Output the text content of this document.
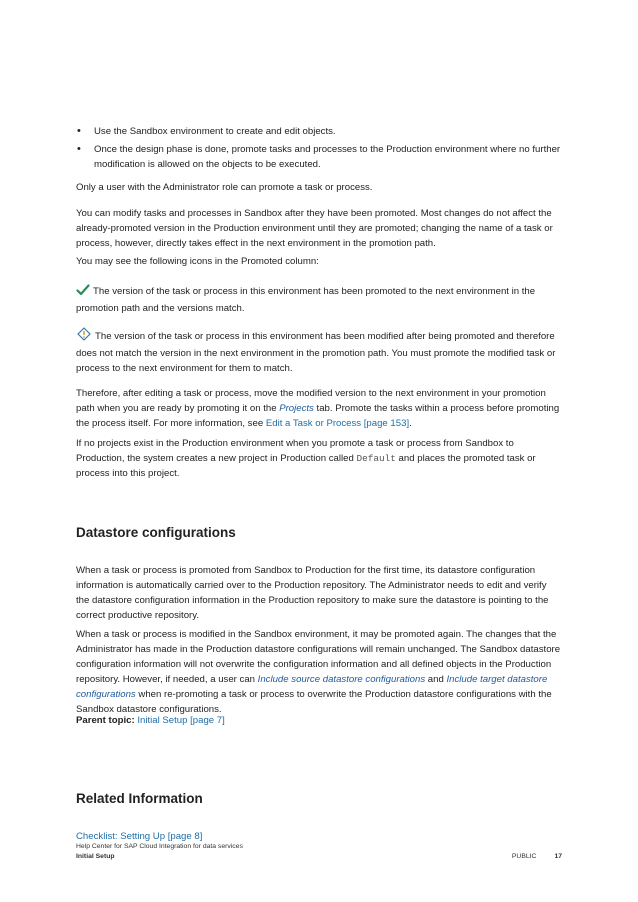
• Use the Sandbox environment to create and edit objects.
• Once the design phase is done, promote tasks and processes to the Production environment where no further modification is allowed on the objects to be executed.

Only a user with the Administrator role can promote a task or process.

You can modify tasks and processes in Sandbox after they have been promoted. Most changes do not affect the already-promoted version in the Production environment until they are promoted; changing the name of a task or process, however, directly takes effect in the next environment in the promotion path.

You may see the following icons in the Promoted column:

The version of the task or process in this environment has been promoted to the next environment in the promotion path and the versions match.

The version of the task or process in this environment has been modified after being promoted and therefore does not match the version in the next environment in the promotion path. You must promote the modified task or process to the next environment for them to match.

Therefore, after editing a task or process, move the modified version to the next environment in your promotion path when you are ready by promoting it on the Projects tab. Promote the tasks within a process before promoting the process itself. For more information, see Edit a Task or Process [page 153].

If no projects exist in the Production environment when you promote a task or process from Sandbox to Production, the system creates a new project in Production called Default and places the promoted task or process into this project.

Datastore configurations

When a task or process is promoted from Sandbox to Production for the first time, its datastore configuration information is automatically carried over to the Production repository. The Administrator needs to edit and verify the datastore configuration information in the Production repository to make sure the datastore is pointing to the correct productive repository.

When a task or process is modified in the Sandbox environment, it may be promoted again. The changes that the Administrator has made in the Production datastore configurations will remain unchanged. The Sandbox datastore configuration information will not overwrite the configuration information and all defined objects in the Production repository. However, if needed, a user can Include source datastore configurations and Include target datastore configurations when re-promoting a task or process to overwrite the Production datastore configurations with the Sandbox datastore configurations.

Parent topic: Initial Setup [page 7]

Related Information

Checklist: Setting Up [page 8]

Help Center for SAP Cloud Integration for data services
Initial Setup	PUBLIC	17
